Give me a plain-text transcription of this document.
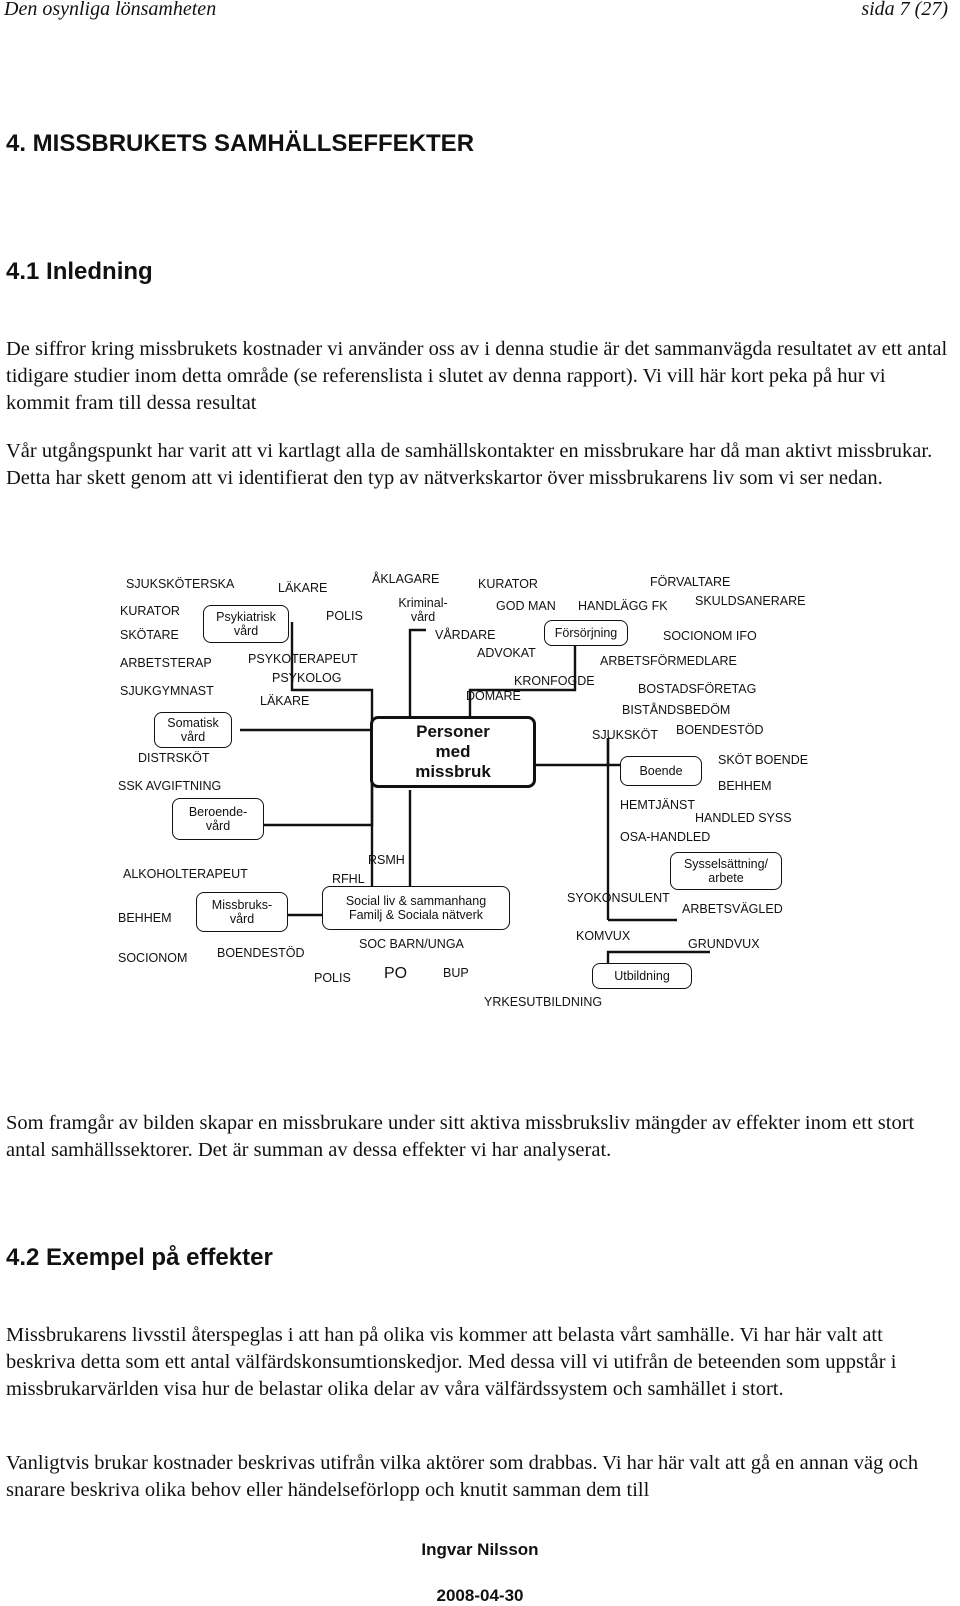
Den osynliga lönsamheten	sida 7 (27)
4. MISSBRUKETS SAMHÄLLSEFFEKTER
4.1 Inledning
De siffror kring missbrukets kostnader vi använder oss av i denna studie är det sammanvägda resultatet av ett antal tidigare studier inom detta område (se referenslista i slutet av denna rapport). Vi vill här kort peka på hur vi kommit fram till dessa resultat
Vår utgångspunkt har varit att vi kartlagt alla de samhällskontakter en missbrukare har då man aktivt missbrukar. Detta har skett genom att vi identifierat den typ av nätverkskartor över missbrukarens liv som vi ser nedan.
Psykiatrisk
vård
Kriminal-
vård
Försörjning
Somatisk
vård
Beroende-
vård
Missbruks-
vård
Social liv & sammanhang
Familj & Sociala nätverk
Boende
Sysselsättning/
arbete
Utbildning
Personer
med
missbruk
SJUKSKÖTERSKA	LÄKARE
ÅKLAGARE	KURATOR	FÖRVALTARE
KURATOR	POLIS
GOD MAN HANDLÄGG FK SKULDSANERARE
SKÖTARE	VÅRDARE	SOCIONOM IFO
ADVOKAT
ARBETSTERAP	PSYKOTERAPEUT	ARBETSFÖRMEDLARE
PSYKOLOG	KRONFOGDE
SJUKGYMNAST	BOSTADSFÖRETAG
DOMARE
LÄKARE
BISTÅNDSBEDÖM
SJUKSKÖT BOENDESTÖD
DISTRSKÖT	SKÖT BOENDE
SSK AVGIFTNING	BEHHEM
HEMTJÄNST
HANDLED SYSS
OSA-HANDLED
RSMH
ALKOHOLTERAPEUT	RFHL
SYOKONSULENT
BEHHEM
ARBETSVÄGLED
KOMVUX
SOC BARN/UNGA	GRUNDVUX
SOCIONOM BOENDESTÖD
POLIS PO	BUP
YRKESUTBILDNING
Som framgår av bilden skapar en missbrukare under sitt aktiva missbruksliv mängder av effekter inom ett stort antal samhällssektorer. Det är summan av dessa effekter vi har analyserat.
4.2 Exempel på effekter
Missbrukarens livsstil återspeglas i att han på olika vis kommer att belasta vårt samhälle. Vi har här valt att beskriva detta som ett antal välfärdskonsumtionskedjor. Med dessa vill vi utifrån de beteenden som uppstår i missbrukarvärlden visa hur de belastar olika delar av våra välfärdssystem och samhället i stort.
Vanligtvis brukar kostnader beskrivas utifrån vilka aktörer som drabbas. Vi har här valt att gå en annan väg och snarare beskriva olika behov eller händelseförlopp och knutit samman dem till
Ingvar Nilsson
2008-04-30
